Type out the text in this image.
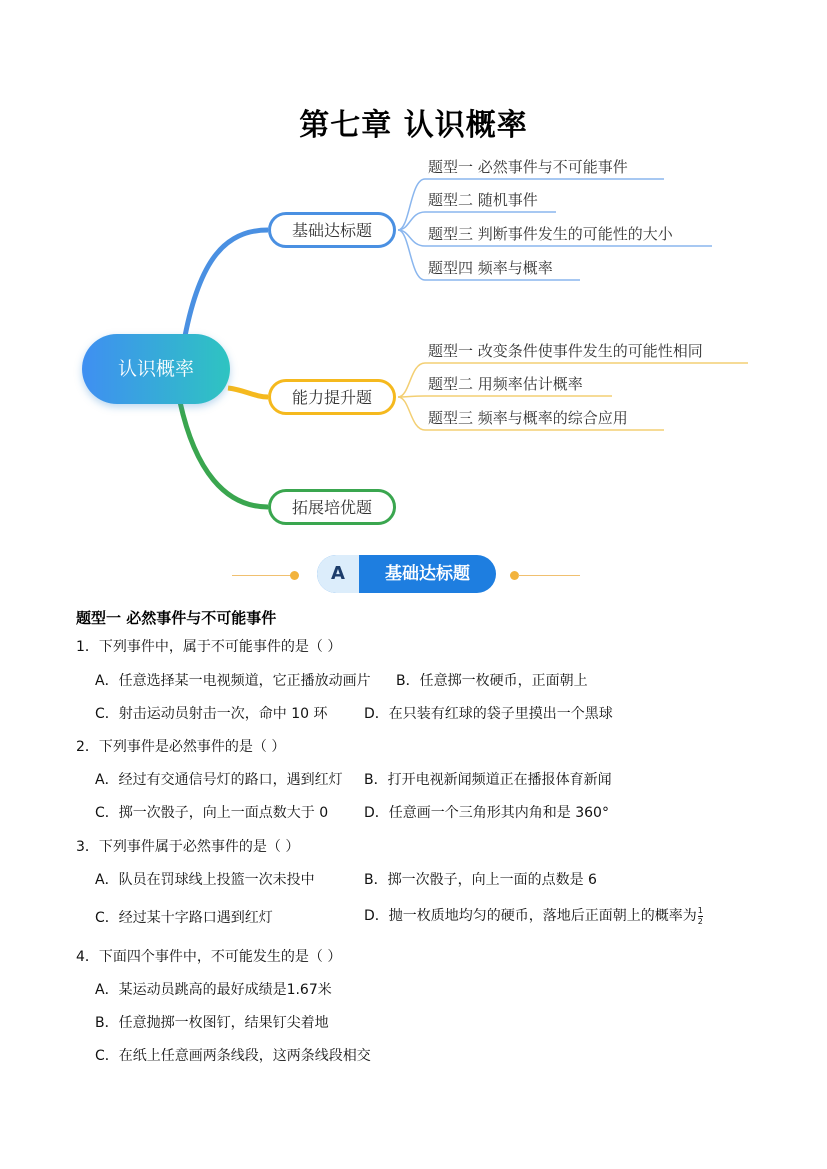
第七章 认识概率
认识概率
基础达标题
能力提升题
拓展培优题
题型一 必然事件与不可能事件
题型二 随机事件
题型三 判断事件发生的可能性的大小
题型四 频率与概率
题型一 改变条件使事件发生的可能性相同
题型二 用频率估计概率
题型三 频率与概率的综合应用
A	基础达标题
题型一 必然事件与不可能事件
1．下列事件中，属于不可能事件的是（ ）
A．任意选择某一电视频道，它正播放动画片 B．任意掷一枚硬币，正面朝上
C．射击运动员射击一次，命中 10 环	D．在只装有红球的袋子里摸出一个黑球
2．下列事件是必然事件的是（ ）
A．经过有交通信号灯的路口，遇到红灯 B．打开电视新闻频道正在播报体育新闻
C．掷一次骰子，向上一面点数大于 0	D．任意画一个三角形其内角和是 360°
3．下列事件属于必然事件的是（ ）
A．队员在罚球线上投篮一次未投中	B．掷一次骰子，向上一面的点数是 6
C．经过某十字路口遇到红灯	D．抛一枚质地均匀的硬币，落地后正面朝上的概率为 $\frac{1}{2}$
4．下面四个事件中，不可能发生的是（ ）
A．某运动员跳高的最好成绩是1.67米
B．任意抛掷一枚图钉，结果钉尖着地
C．在纸上任意画两条线段，这两条线段相交
